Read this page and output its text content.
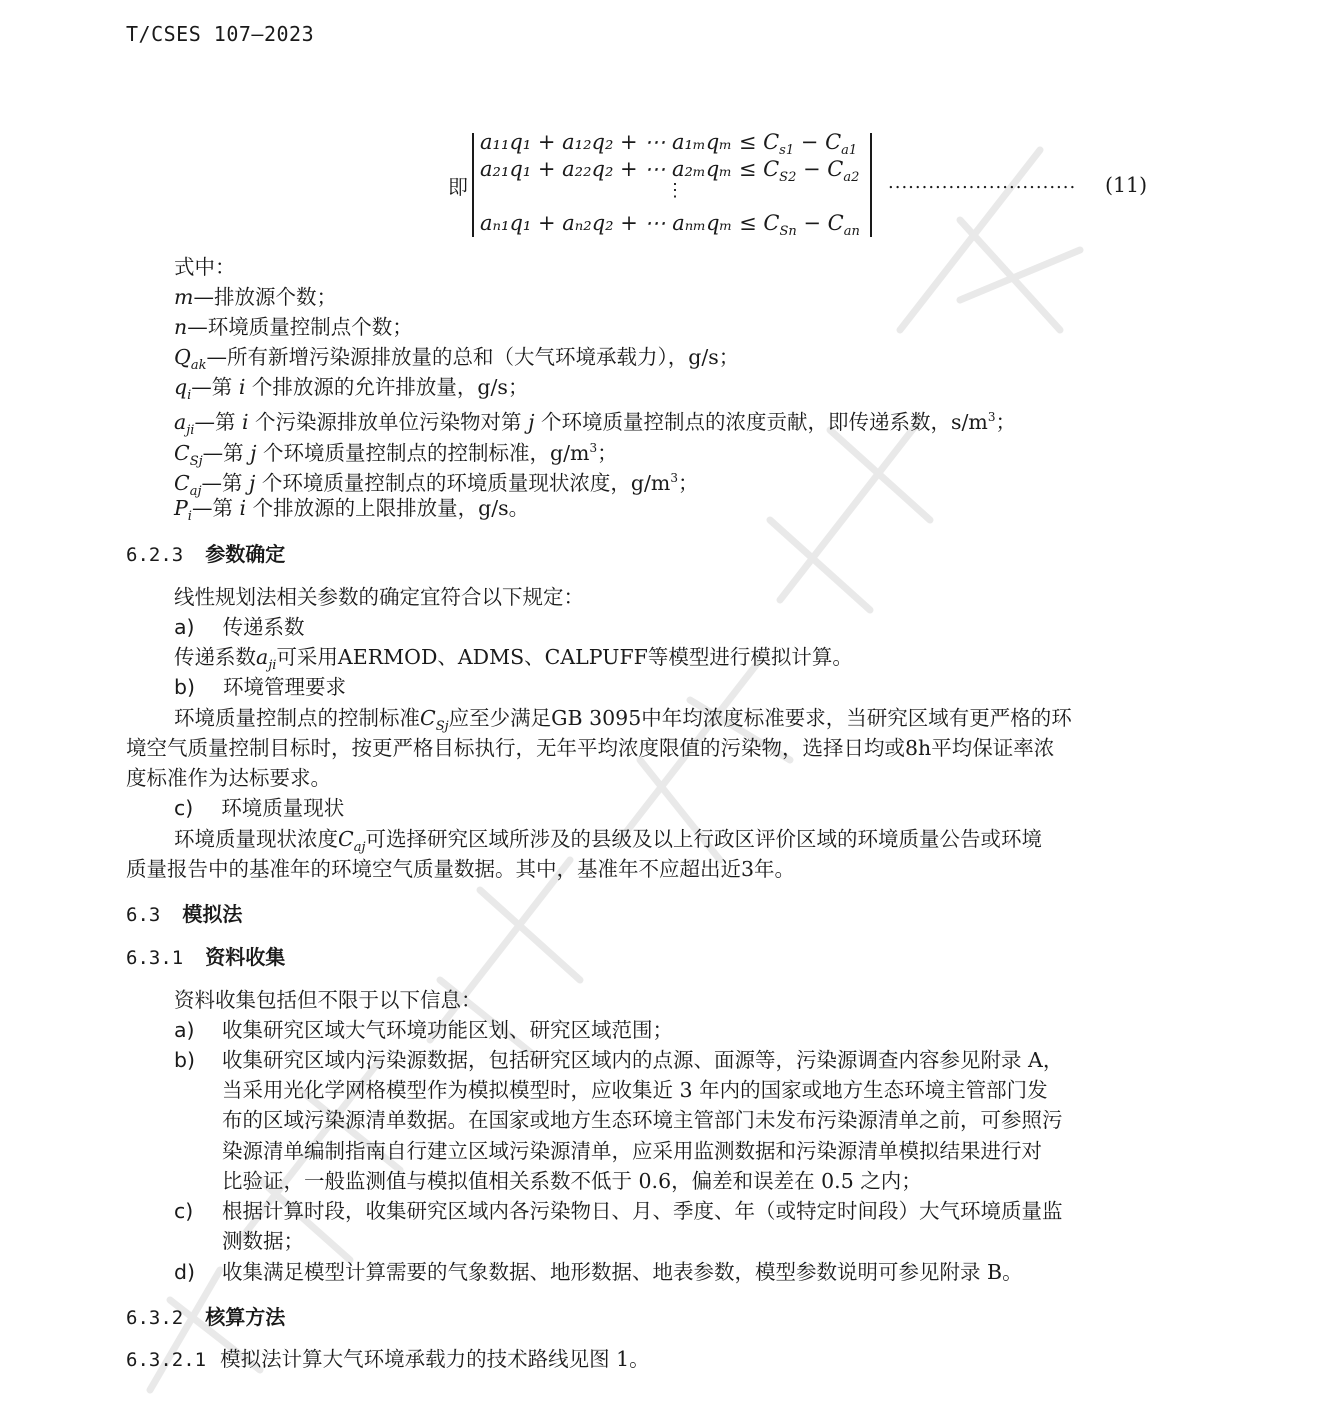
T/CSES 107—2023
即
a₁₁q₁ + a₁₂q₂ + ⋯ $a_{1m}q_m \le C_{s1} - C_{a1}$
a₂₁q₁ + a₂₂q₂ + ⋯ $a_{2m}q_m \le C_{S2} - C_{a2}$
⋮
aₙ₁q₁ + aₙ₂q₂ + ⋯ $a_{nm}q_m \le C_{Sn} - C_{an}$
............................ (11)
式中：
m—排放源个数；
n—环境质量控制点个数；
$Q_{ak}—$所有新增污染源排放量的总和（大气环境承载力），g/s；
$q_i—$第 i 个排放源的允许排放量，g/s；
$a_{ji}—$第 i 个污染源排放单位污染物对第 j 个环境质量控制点的浓度贡献，即传递系数，$s/m^3$；
$C_{Sj}—$第 j 个环境质量控制点的控制标准，$g/m^3$；
$C_{aj}—$第 j 个环境质量控制点的环境质量现状浓度，$g/m^3$；
$P_i—$第 i 个排放源的上限排放量，g/s。
6.2.3 参数确定
线性规划法相关参数的确定宜符合以下规定：
a) 传递系数
传递系数$a_{ji}$可采用AERMOD、ADMS、CALPUFF等模型进行模拟计算。
b) 环境管理要求
环境质量控制点的控制标准$C_{Sj}$应至少满足GB 3095中年均浓度标准要求，当研究区域有更严格的环
境空气质量控制目标时，按更严格目标执行，无年平均浓度限值的污染物，选择日均或8h平均保证率浓
度标准作为达标要求。
c) 环境质量现状
环境质量现状浓度$C_{aj}$可选择研究区域所涉及的县级及以上行政区评价区域的环境质量公告或环境
质量报告中的基准年的环境空气质量数据。其中，基准年不应超出近3年。
6.3 模拟法
6.3.1 资料收集
资料收集包括但不限于以下信息：
a) 收集研究区域大气环境功能区划、研究区域范围；
b) 收集研究区域内污染源数据，包括研究区域内的点源、面源等，污染源调查内容参见附录 A，
当采用光化学网格模型作为模拟模型时，应收集近 3 年内的国家或地方生态环境主管部门发
布的区域污染源清单数据。在国家或地方生态环境主管部门未发布污染源清单之前，可参照污
染源清单编制指南自行建立区域污染源清单，应采用监测数据和污染源清单模拟结果进行对
比验证，一般监测值与模拟值相关系数不低于 0.6，偏差和误差在 0.5 之内；
c) 根据计算时段，收集研究区域内各污染物日、月、季度、年（或特定时间段）大气环境质量监
测数据；
d) 收集满足模型计算需要的气象数据、地形数据、地表参数，模型参数说明可参见附录 B。
6.3.2 核算方法
6.3.2.1 模拟法计算大气环境承载力的技术路线见图 1。
